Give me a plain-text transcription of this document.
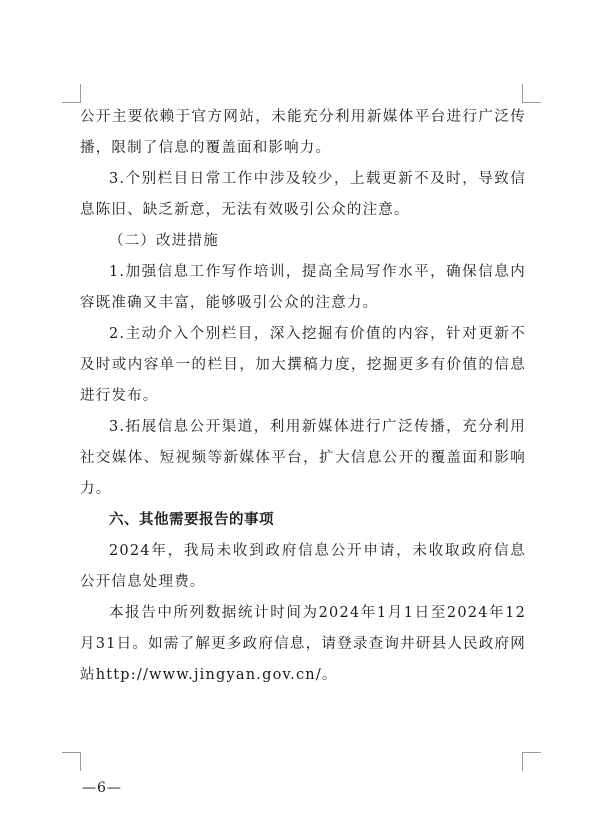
公开主要依赖于官方网站，未能充分利用新媒体平台进行广泛传播，限制了信息的覆盖面和影响力。

3.个别栏目日常工作中涉及较少，上载更新不及时，导致信息陈旧、缺乏新意，无法有效吸引公众的注意。

（二）改进措施

1.加强信息工作写作培训，提高全局写作水平，确保信息内容既准确又丰富，能够吸引公众的注意力。

2.主动介入个别栏目，深入挖掘有价值的内容，针对更新不及时或内容单一的栏目，加大撰稿力度，挖掘更多有价值的信息进行发布。

3.拓展信息公开渠道，利用新媒体进行广泛传播，充分利用社交媒体、短视频等新媒体平台，扩大信息公开的覆盖面和影响力。

六、其他需要报告的事项

2024年，我局未收到政府信息公开申请，未收取政府信息公开信息处理费。

本报告中所列数据统计时间为2024年1月1日至2024年12月31日。如需了解更多政府信息，请登录查询井研县人民政府网站http://www.jingyan.gov.cn/。

—6—
